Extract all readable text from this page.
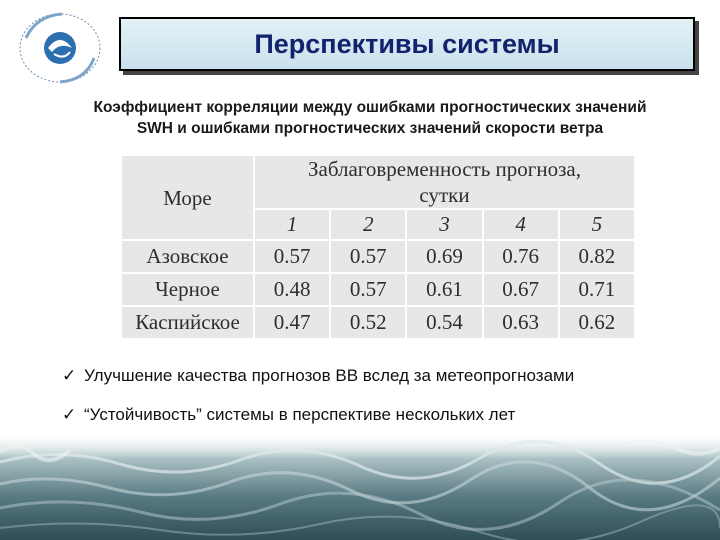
Перспективы системы
Коэффициент корреляции между ошибками прогностических значений
SWH и ошибками прогностических значений скорости ветра
Море	Заблаговременность прогноза,
сутки				

	1	2	3	4	5
Азовское	0.57	0.57	0.69	0.76	0.82
Черное	0.48	0.57	0.61	0.67	0.71
Каспийское	0.47	0.52	0.54	0.63	0.62
✓ Улучшение качества прогнозов ВВ вслед за метеопрогнозами
✓ “Устойчивость” системы в перспективе нескольких лет
